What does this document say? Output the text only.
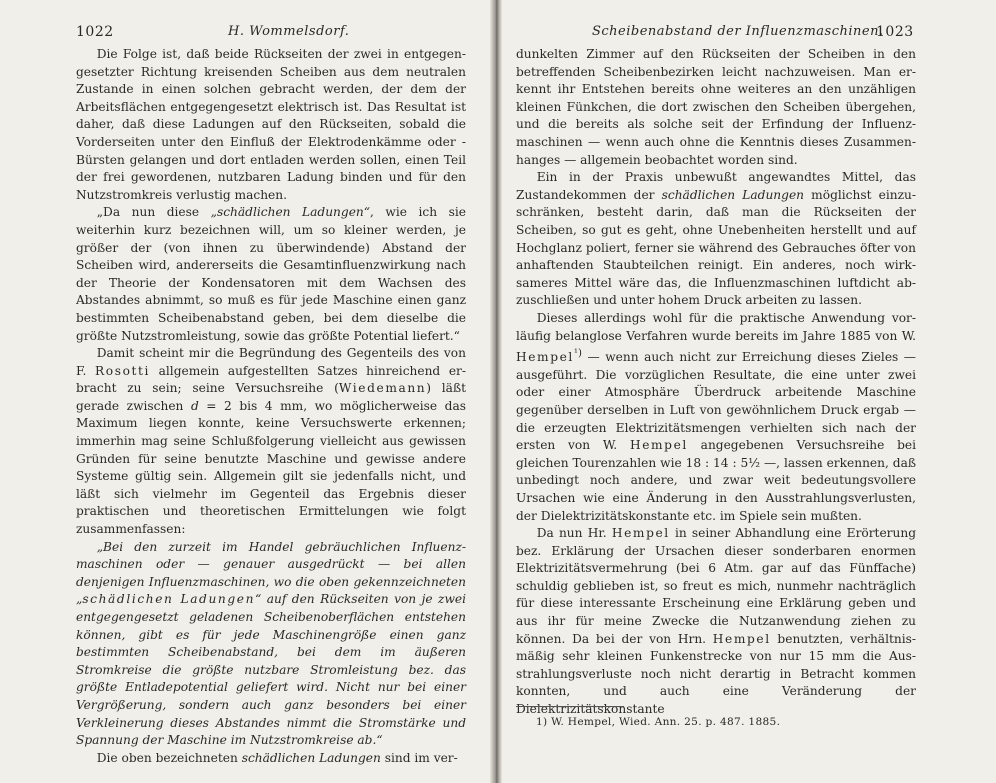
1022	H. Wommelsdorf.

Die Folge ist, daß beide Rückseiten der zwei in entgegengesetzter Richtung kreisenden Scheiben aus dem neutralen Zustande in einen solchen gebracht werden, der dem der Arbeitsflächen entgegengesetzt elektrisch ist. Das Resultat ist daher, daß diese Ladungen auf den Rückseiten, sobald die Vorderseiten unter den Einfluß der Elektrodenkämme oder -Bürsten gelangen und dort entladen werden sollen, einen Teil der frei gewordenen, nutzbaren Ladung binden und für den Nutzstromkreis verlustig machen.

„Da nun diese „schädlichen Ladungen“, wie ich sie weiterhin kurz bezeichnen will, um so kleiner werden, je größer der (von ihnen zu überwindende) Abstand der Scheiben wird, andererseits die Gesamtinfluenzwirkung nach der Theorie der Kondensatoren mit dem Wachsen des Abstandes abnimmt, so muß es für jede Maschine einen ganz bestimmten Scheibenabstand geben, bei dem dieselbe die größte Nutzstromleistung, sowie das größte Potential liefert.“

Damit scheint mir die Begründung des Gegenteils des von F. Rosotti allgemein aufgestellten Satzes hinreichend erbracht zu sein; seine Versuchsreihe (Wiedemann) läßt gerade zwischen d = 2 bis 4 mm, wo möglicherweise das Maximum liegen konnte, keine Versuchswerte erkennen; immerhin mag seine Schlußfolgerung vielleicht aus gewissen Gründen für seine benutzte Maschine und gewisse andere Systeme gültig sein. Allgemein gilt sie jedenfalls nicht, und läßt sich vielmehr im Gegenteil das Ergebnis dieser praktischen und theoretischen Ermittelungen wie folgt zusammenfassen:

„Bei den zurzeit im Handel gebräuchlichen Influenzmaschinen oder — genauer ausgedrückt — bei allen denjenigen Influenzmaschinen, wo die oben gekennzeichneten „schädlichen Ladungen“ auf den Rückseiten von je zwei entgegengesetzt geladenen Scheibenoberflächen entstehen können, gibt es für jede Maschinengröße einen ganz bestimmten Scheibenabstand, bei dem im äußeren Stromkreise die größte nutzbare Stromleistung bez. das größte Entladepotential geliefert wird. Nicht nur bei einer Vergrößerung, sondern auch ganz besonders bei einer Verkleinerung dieses Abstandes nimmt die Stromstärke und Spannung der Maschine im Nutzstromkreise ab.“

Die oben bezeichneten schädlichen Ladungen sind im ver-

Scheibenabstand der Influenzmaschinen.
1023

dunkelten Zimmer auf den Rückseiten der Scheiben in den betreffenden Scheibenbezirken leicht nachzuweisen. Man erkennt ihr Entstehen bereits ohne weiteres an den unzähligen kleinen Fünkchen, die dort zwischen den Scheiben übergehen, und die bereits als solche seit der Erfindung der Influenzmaschinen — wenn auch ohne die Kenntnis dieses Zusammenhanges — allgemein beobachtet worden sind.

Ein in der Praxis unbewußt angewandtes Mittel, das Zustandekommen der schädlichen Ladungen möglichst einzuschränken, besteht darin, daß man die Rückseiten der Scheiben, so gut es geht, ohne Unebenheiten herstellt und auf Hochglanz poliert, ferner sie während des Gebrauches öfter von anhaftenden Staubteilchen reinigt. Ein anderes, noch wirksameres Mittel wäre das, die Influenzmaschinen luftdicht abzuschließen und unter hohem Druck arbeiten zu lassen.

Dieses allerdings wohl für die praktische Anwendung vorläufig belanglose Verfahren wurde bereits im Jahre 1885 von W. Hempel$^{^1)}$ — wenn auch nicht zur Erreichung dieses Zieles — ausgeführt. Die vorzüglichen Resultate, die eine unter zwei oder einer Atmosphäre Überdruck arbeitende Maschine gegenüber derselben in Luft von gewöhnlichem Druck ergab — die erzeugten Elektrizitätsmengen verhielten sich nach der ersten von W. Hempel angegebenen Versuchsreihe bei gleichen Tourenzahlen wie 18 : 14 : 5½ —, lassen erkennen, daß unbedingt noch andere, und zwar weit bedeutungsvollere Ursachen wie eine Änderung in den Ausstrahlungsverlusten, der Dielektrizitätskonstante etc. im Spiele sein mußten.

Da nun Hr. Hempel in seiner Abhandlung eine Erörterung bez. Erklärung der Ursachen dieser sonderbaren enormen Elektrizitätsvermehrung (bei 6 Atm. gar auf das Fünffache) schuldig geblieben ist, so freut es mich, nunmehr nachträglich für diese interessante Erscheinung eine Erklärung geben und aus ihr für meine Zwecke die Nutzanwendung ziehen zu können. Da bei der von Hrn. Hempel benutzten, verhältnismäßig sehr kleinen Funkenstrecke von nur 15 mm die Ausstrahlungsverluste noch nicht derartig in Betracht kommen konnten, und auch eine Veränderung der Dielektrizitätskonstante

1) W. Hempel, Wied. Ann. 25. p. 487. 1885.
